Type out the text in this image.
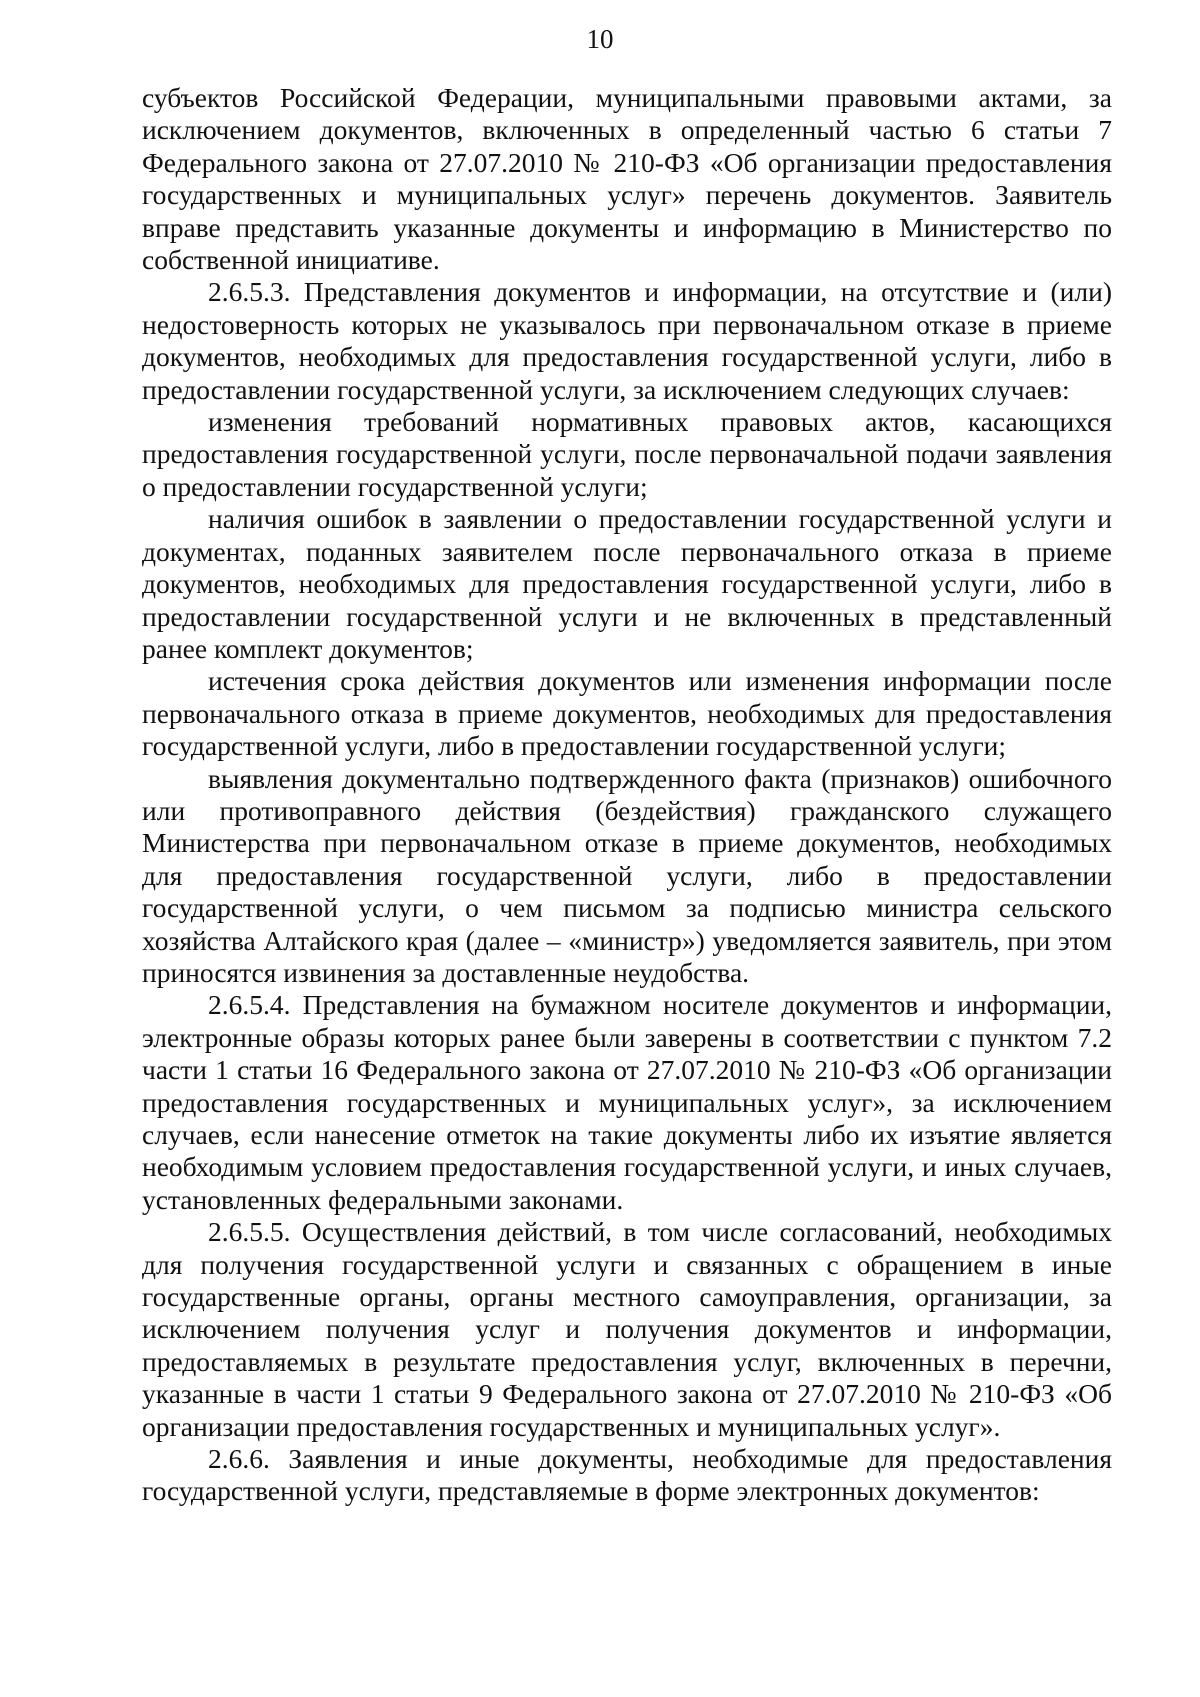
10

субъектов Российской Федерации, муниципальными правовыми актами, за исключением документов, включенных в определенный частью 6 статьи 7 Федерального закона от 27.07.2010 № 210-ФЗ «Об организации предоставления государственных и муниципальных услуг» перечень документов. Заявитель вправе представить указанные документы и информацию в Министерство по собственной инициативе.

2.6.5.3. Представления документов и информации, на отсутствие и (или) недостоверность которых не указывалось при первоначальном отказе в приеме документов, необходимых для предоставления государственной услуги, либо в предоставлении государственной услуги, за исключением следующих случаев:

изменения требований нормативных правовых актов, касающихся предоставления государственной услуги, после первоначальной подачи заявления о предоставлении государственной услуги;

наличия ошибок в заявлении о предоставлении государственной услуги и документах, поданных заявителем после первоначального отказа в приеме документов, необходимых для предоставления государственной услуги, либо в предоставлении государственной услуги и не включенных в представленный ранее комплект документов;

истечения срока действия документов или изменения информации после первоначального отказа в приеме документов, необходимых для предоставления государственной услуги, либо в предоставлении государственной услуги;

выявления документально подтвержденного факта (признаков) ошибочного или противоправного действия (бездействия) гражданского служащего Министерства при первоначальном отказе в приеме документов, необходимых для предоставления государственной услуги, либо в предоставлении государственной услуги, о чем письмом за подписью министра сельского хозяйства Алтайского края (далее – «министр») уведомляется заявитель, при этом приносятся извинения за доставленные неудобства.

2.6.5.4. Представления на бумажном носителе документов и информации, электронные образы которых ранее были заверены в соответствии с пунктом 7.2 части 1 статьи 16 Федерального закона от 27.07.2010 № 210-ФЗ «Об организации предоставления государственных и муниципальных услуг», за исключением случаев, если нанесение отметок на такие документы либо их изъятие является необходимым условием предоставления государственной услуги, и иных случаев, установленных федеральными законами.

2.6.5.5. Осуществления действий, в том числе согласований, необходимых для получения государственной услуги и связанных с обращением в иные государственные органы, органы местного самоуправления, организации, за исключением получения услуг и получения документов и информации, предоставляемых в результате предоставления услуг, включенных в перечни, указанные в части 1 статьи 9 Федерального закона от 27.07.2010 № 210-ФЗ «Об организации предоставления государственных и муниципальных услуг».

2.6.6. Заявления и иные документы, необходимые для предоставления государственной услуги, представляемые в форме электронных документов:
